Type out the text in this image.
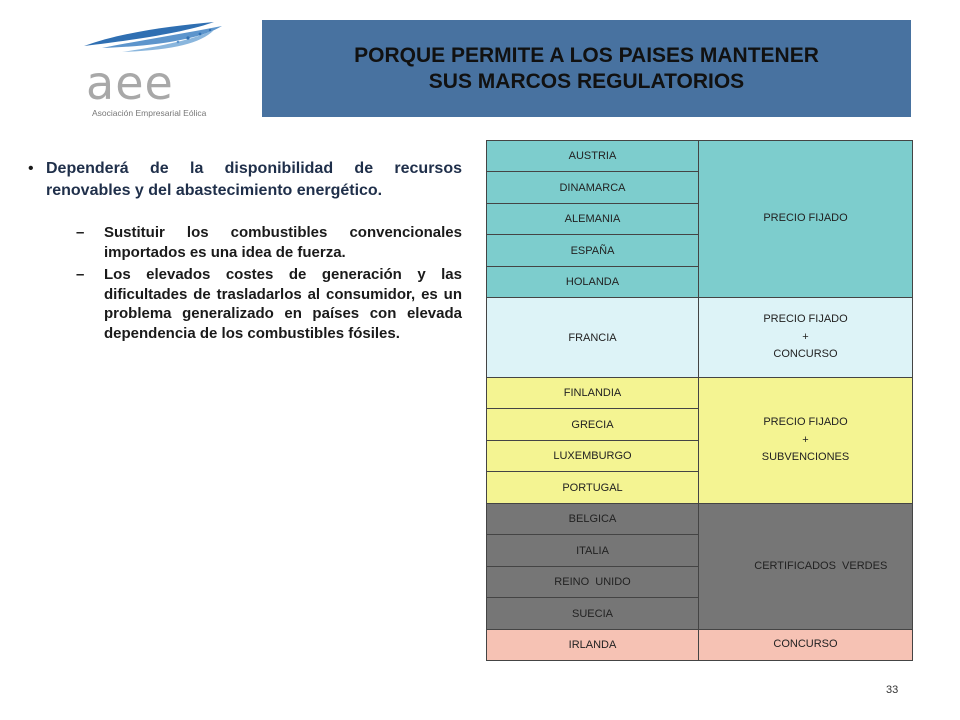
aee
Asociación Empresarial Eólica
PORQUE PERMITE A LOS PAISES MANTENER
SUS MARCOS REGULATORIOS
• Dependerá de la disponibilidad de recursos renovables y del abastecimiento energético.
–	Sustituir los combustibles convencionales importados es una idea de fuerza.
–	Los elevados costes de generación y las dificultades de trasladarlos al consumidor, es un problema generalizado en países con elevada dependencia de los combustibles fósiles.
AUSTRIA	PRECIO FIJADO
DINAMARCA	
ALEMANIA	
ESPAÑA	
HOLANDA	
FRANCIA	PRECIO FIJADO
+
CONCURSO
FINLANDIA	PRECIO FIJADO
+
SUBVENCIONES
GRECIA	
LUXEMBURGO	
PORTUGAL	
BELGICA	CERTIFICADOS  VERDES

ITALIA	
REINO  UNIDO	
SUECIA	
IRLANDA	CONCURSO
33
